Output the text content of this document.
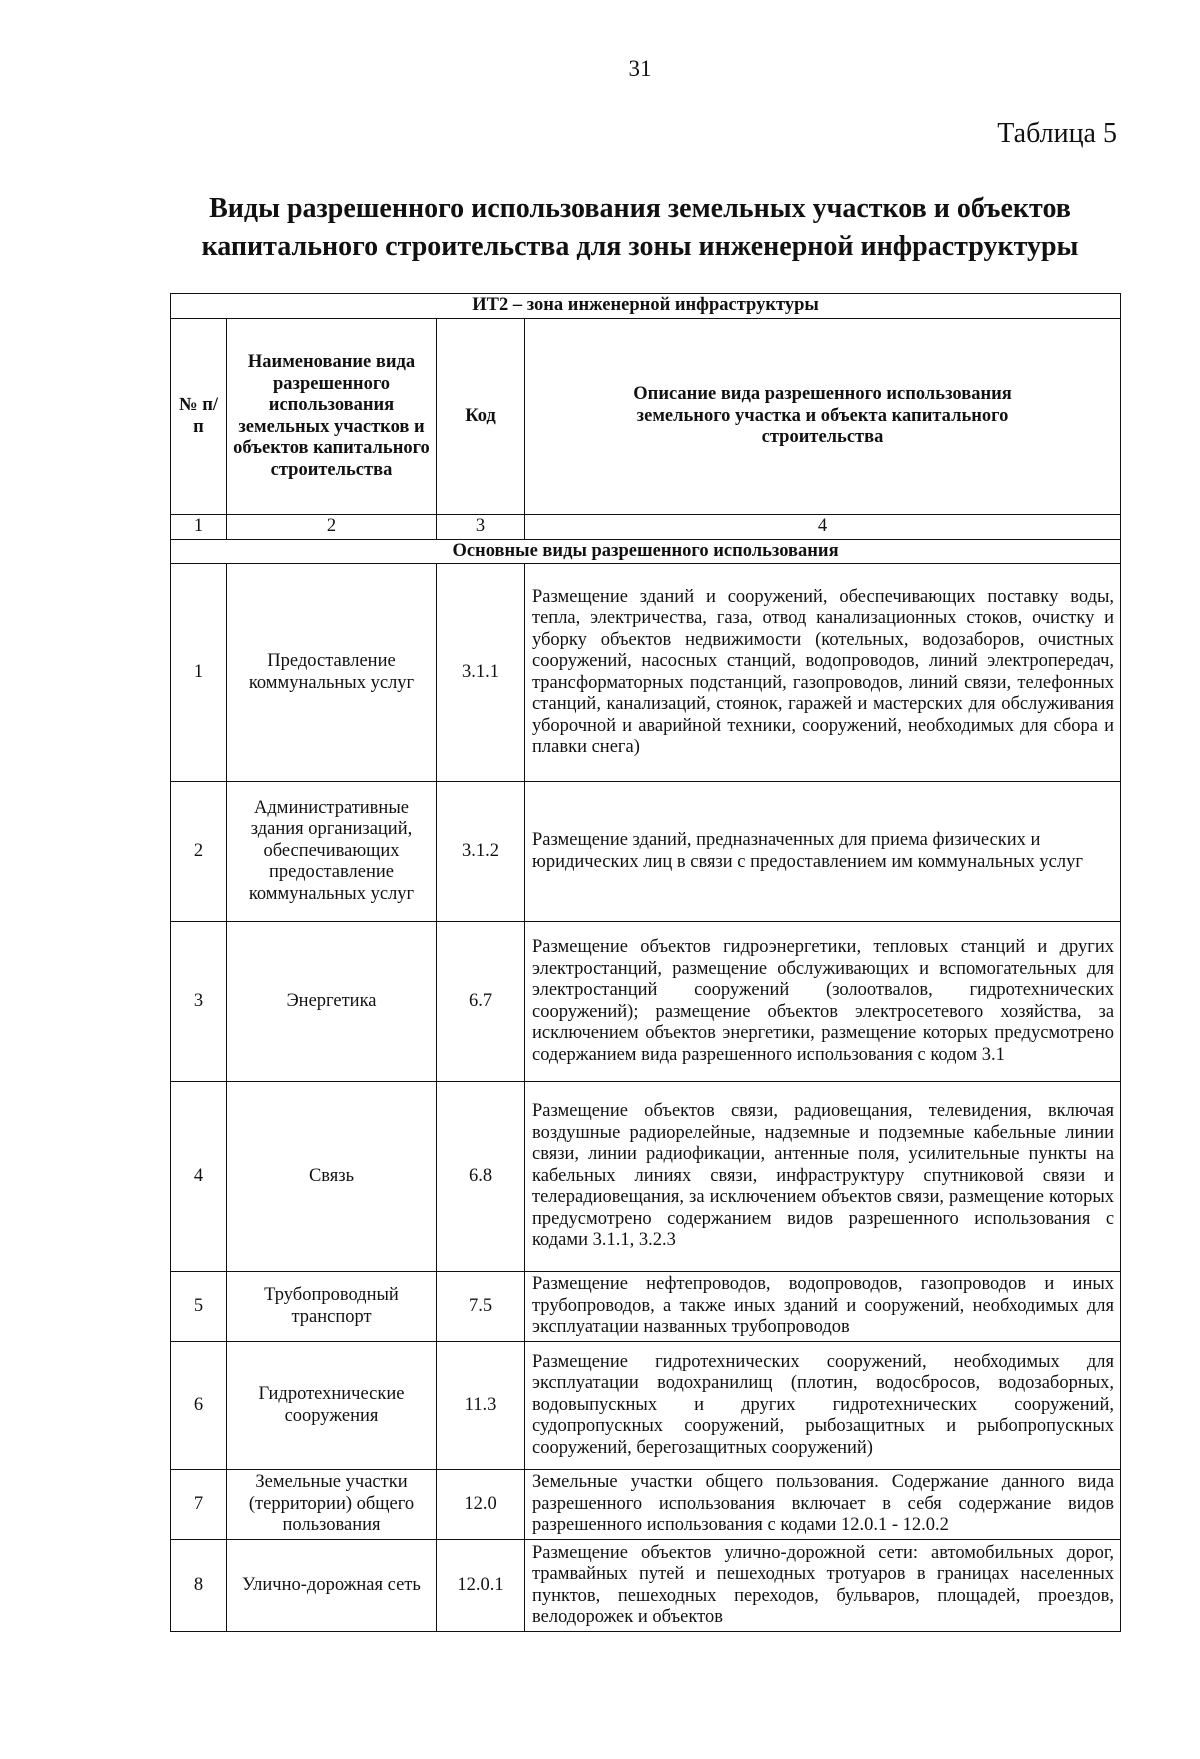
31
Таблица 5
Виды разрешенного использования земельных участков и объектов
капитального строительства для зоны инженерной инфраструктуры
ИТ2 – зона инженерной инфраструктуры			
№ п/п	Наименование вида разрешенного использования земельных участков и объектов капитального строительства	Код	Описание вида разрешенного использования земельного участка и объекта капитального строительства
1	2	3	4
Основные виды разрешенного использования			
1	Предоставление коммунальных услуг	3.1.1	Размещение зданий и сооружений, обеспечивающих поставку воды, тепла, электричества, газа, отвод канализационных стоков, очистку и уборку объектов недвижимости (котельных, водозаборов, очистных сооружений, насосных станций, водопроводов, линий электропередач, трансформаторных подстанций, газопроводов, линий связи, телефонных станций, канализаций, стоянок, гаражей и мастерских для обслуживания уборочной и аварийной техники, сооружений, необходимых для сбора и плавки снега)
2	Административные здания организаций, обеспечивающих предоставление коммунальных услуг	3.1.2	Размещение зданий, предназначенных для приема физических и юридических лиц в связи с предоставлением им коммунальных услуг
3	Энергетика	6.7	Размещение объектов гидроэнергетики, тепловых станций и других электростанций, размещение обслуживающих и вспомогательных для электростанций сооружений (золоотвалов, гидротехнических сооружений); размещение объектов электросетевого хозяйства, за исключением объектов энергетики, размещение которых предусмотрено содержанием вида разрешенного использования с кодом 3.1
4	Связь	6.8	Размещение объектов связи, радиовещания, телевидения, включая воздушные радиорелейные, надземные и подземные кабельные линии связи, линии радиофикации, антенные поля, усилительные пункты на кабельных линиях связи, инфраструктуру спутниковой связи и телерадиовещания, за исключением объектов связи, размещение которых предусмотрено содержанием видов разрешенного использования с кодами 3.1.1, 3.2.3
5	Трубопроводный транспорт	7.5	Размещение нефтепроводов, водопроводов, газопроводов и иных трубопроводов, а также иных зданий и сооружений, необходимых для эксплуатации названных трубопроводов
6	Гидротехнические сооружения	11.3	Размещение гидротехнических сооружений, необходимых для эксплуатации водохранилищ (плотин, водосбросов, водозаборных, водовыпускных и других гидротехнических сооружений, судопропускных сооружений, рыбозащитных и рыбопропускных сооружений, берегозащитных сооружений)
7	Земельные участки (территории) общего пользования	12.0	Земельные участки общего пользования. Содержание данного вида разрешенного использования включает в себя содержание видов разрешенного использования с кодами 12.0.1 - 12.0.2
8	Улично-дорожная сеть	12.0.1	Размещение объектов улично-дорожной сети: автомобильных дорог, трамвайных путей и пешеходных тротуаров в границах населенных пунктов, пешеходных переходов, бульваров, площадей, проездов, велодорожек и объектов
